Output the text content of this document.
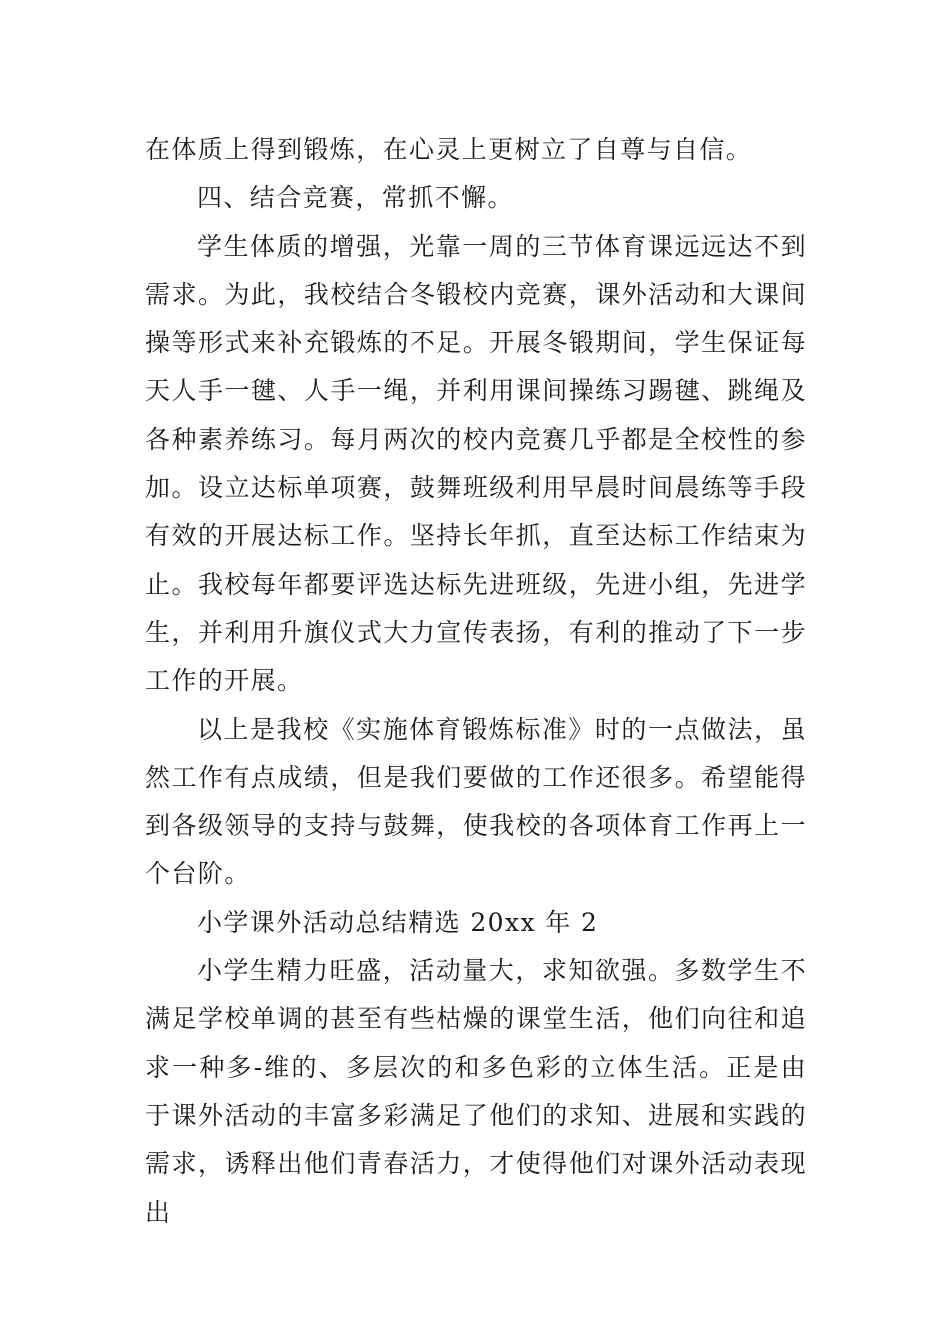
在体质上得到锻炼，在心灵上更树立了自尊与自信。

四、结合竞赛，常抓不懈。

学生体质的增强，光靠一周的三节体育课远远达不到需求。为此，我校结合冬锻校内竞赛，课外活动和大课间操等形式来补充锻炼的不足。开展冬锻期间，学生保证每天人手一毽、人手一绳，并利用课间操练习踢毽、跳绳及各种素养练习。每月两次的校内竞赛几乎都是全校性的参加。设立达标单项赛，鼓舞班级利用早晨时间晨练等手段有效的开展达标工作。坚持长年抓，直至达标工作结束为止。我校每年都要评选达标先进班级，先进小组，先进学生，并利用升旗仪式大力宣传表扬，有利的推动了下一步工作的开展。

以上是我校《实施体育锻炼标准》时的一点做法，虽然工作有点成绩，但是我们要做的工作还很多。希望能得到各级领导的支持与鼓舞，使我校的各项体育工作再上一个台阶。

小学课外活动总结精选 20xx 年 2

小学生精力旺盛，活动量大，求知欲强。多数学生不满足学校单调的甚至有些枯燥的课堂生活，他们向往和追求一种多-维的、多层次的和多色彩的立体生活。正是由于课外活动的丰富多彩满足了他们的求知、进展和实践的需求，诱释出他们青春活力，才使得他们对课外活动表现出
